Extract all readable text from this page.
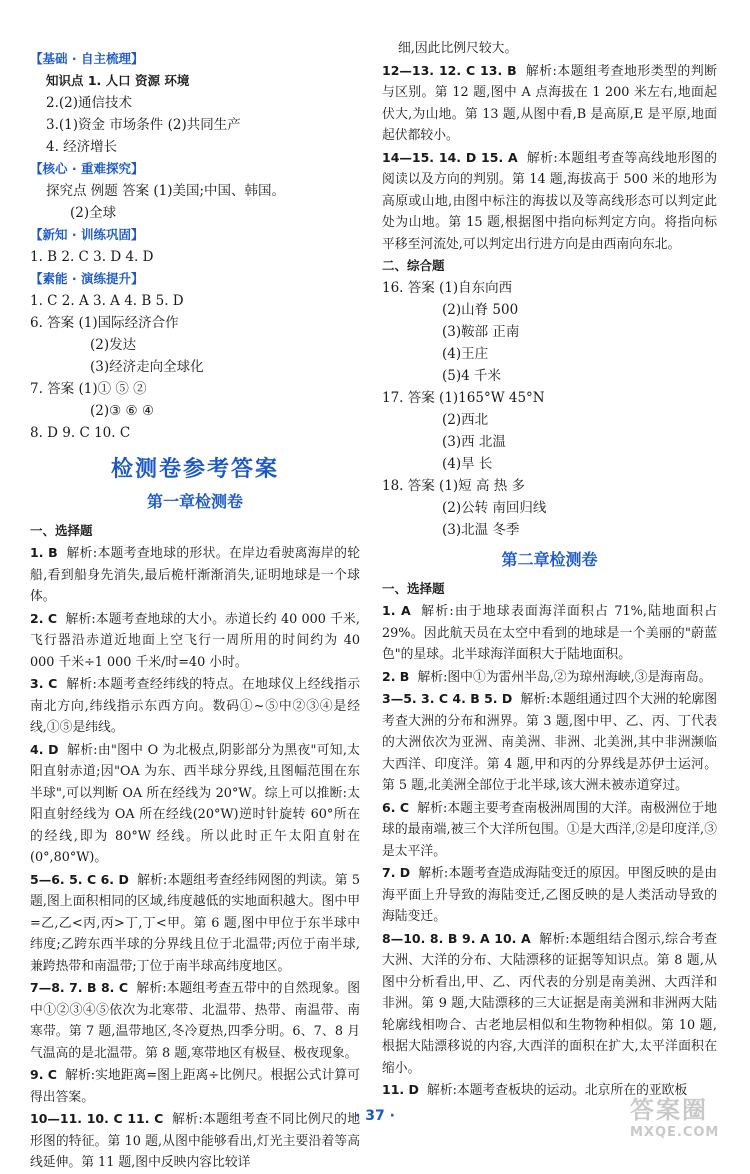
【基础 · 自主梳理】
知识点 1. 人口 资源 环境
2.(2)通信技术
3.(1)资金 市场条件 (2)共同生产
4. 经济增长
【核心 · 重难探究】
探究点 例题 答案 (1)美国;中国、韩国。
(2)全球
【新知 · 训练巩固】
1. B 2. C 3. D 4. D
【素能 · 演练提升】
1. C 2. A 3. A 4. B 5. D
6. 答案 (1)国际经济合作
(2)发达
(3)经济走向全球化
7. 答案 (1)① ⑤ ②
(2)③ ⑥ ④
8. D 9. C 10. C
检测卷参考答案
第一章检测卷
一、选择题
1. B 解析:本题考查地球的形状。在岸边看驶离海岸的轮船,看到船身先消失,最后桅杆渐渐消失,证明地球是一个球体。
2. C 解析:本题考查地球的大小。赤道长约 40 000 千米,飞行器沿赤道近地面上空飞行一周所用的时间约为 40 000 千米÷1 000 千米/时=40 小时。
3. C 解析:本题考查经纬线的特点。在地球仪上经线指示南北方向,纬线指示东西方向。数码①~⑤中②③④是经线,①⑤是纬线。
4. D 解析:由"图中 O 为北极点,阴影部分为黑夜"可知,太阳直射赤道;因"OA 为东、西半球分界线,且图幅范围在东半球",可以判断 OA 所在经线为 20°W。综上可以推断:太阳直射经线为 OA 所在经线(20°W)逆时针旋转 60°所在的经线,即为 80°W 经线。所以此时正午太阳直射在(0°,80°W)。
5—6. 5. C 6. D 解析:本题组考查经纬网图的判读。第 5 题,图上面积相同的区域,纬度越低的实地面积越大。图中甲=乙,乙<丙,丙>丁,丁<甲。第 6 题,图中甲位于东半球中纬度;乙跨东西半球的分界线且位于北温带;丙位于南半球,兼跨热带和南温带;丁位于南半球高纬度地区。
7—8. 7. B 8. C 解析:本题组考查五带中的自然现象。图中①②③④⑤依次为北寒带、北温带、热带、南温带、南寒带。第 7 题,温带地区,冬冷夏热,四季分明。6、7、8 月气温高的是北温带。第 8 题,寒带地区有极昼、极夜现象。
9. C 解析:实地距离=图上距离÷比例尺。根据公式计算可得出答案。
10—11. 10. C 11. C 解析:本题组考查不同比例尺的地形图的特征。第 10 题,从图中能够看出,灯光主要沿着等高线延伸。第 11 题,图中反映内容比较详
细,因此比例尺较大。
12—13. 12. C 13. B 解析:本题组考查地形类型的判断与区别。第 12 题,图中 A 点海拔在 1 200 米左右,地面起伏大,为山地。第 13 题,从图中看,B 是高原,E 是平原,地面起伏都较小。
14—15. 14. D 15. A 解析:本题组考查等高线地形图的阅读以及方向的判别。第 14 题,海拔高于 500 米的地形为高原或山地,由图中标注的海拔以及等高线形态可以判定此处为山地。第 15 题,根据图中指向标判定方向。将指向标平移至河流处,可以判定出行进方向是由西南向东北。
二、综合题
16. 答案 (1)自东向西
(2)山脊 500
(3)鞍部 正南
(4)王庄
(5)4 千米
17. 答案 (1)165°W 45°N
(2)西北
(3)西 北温
(4)旱 长
18. 答案 (1)短 高 热 多
(2)公转 南回归线
(3)北温 冬季
第二章检测卷
一、选择题
1. A 解析:由于地球表面海洋面积占 71%,陆地面积占 29%。因此航天员在太空中看到的地球是一个美丽的"蔚蓝色"的星球。北半球海洋面积大于陆地面积。
2. B 解析:图中①为雷州半岛,②为琼州海峡,③是海南岛。
3—5. 3. C 4. B 5. D 解析:本题组通过四个大洲的轮廓图考查大洲的分布和洲界。第 3 题,图中甲、乙、丙、丁代表的大洲依次为亚洲、南美洲、非洲、北美洲,其中非洲濒临大西洋、印度洋。第 4 题,甲和丙的分界线是苏伊士运河。第 5 题,北美洲全部位于北半球,该大洲未被赤道穿过。
6. C 解析:本题主要考查南极洲周围的大洋。南极洲位于地球的最南端,被三个大洋所包围。①是大西洋,②是印度洋,③是太平洋。
7. D 解析:本题考查造成海陆变迁的原因。甲图反映的是由海平面上升导致的海陆变迁,乙图反映的是人类活动导致的海陆变迁。
8—10. 8. B 9. A 10. A 解析:本题组结合图示,综合考查大洲、大洋的分布、大陆漂移的证据等知识点。第 8 题,从图中分析看出,甲、乙、丙代表的分别是南美洲、大西洋和非洲。第 9 题,大陆漂移的三大证据是南美洲和非洲两大陆轮廓线相吻合、古老地层相似和生物物种相似。第 10 题,根据大陆漂移说的内容,大西洋的面积在扩大,太平洋面积在缩小。
11. D 解析:本题考查板块的运动。北京所在的亚欧板
· 37 ·	答案圈
MXQE.COM
